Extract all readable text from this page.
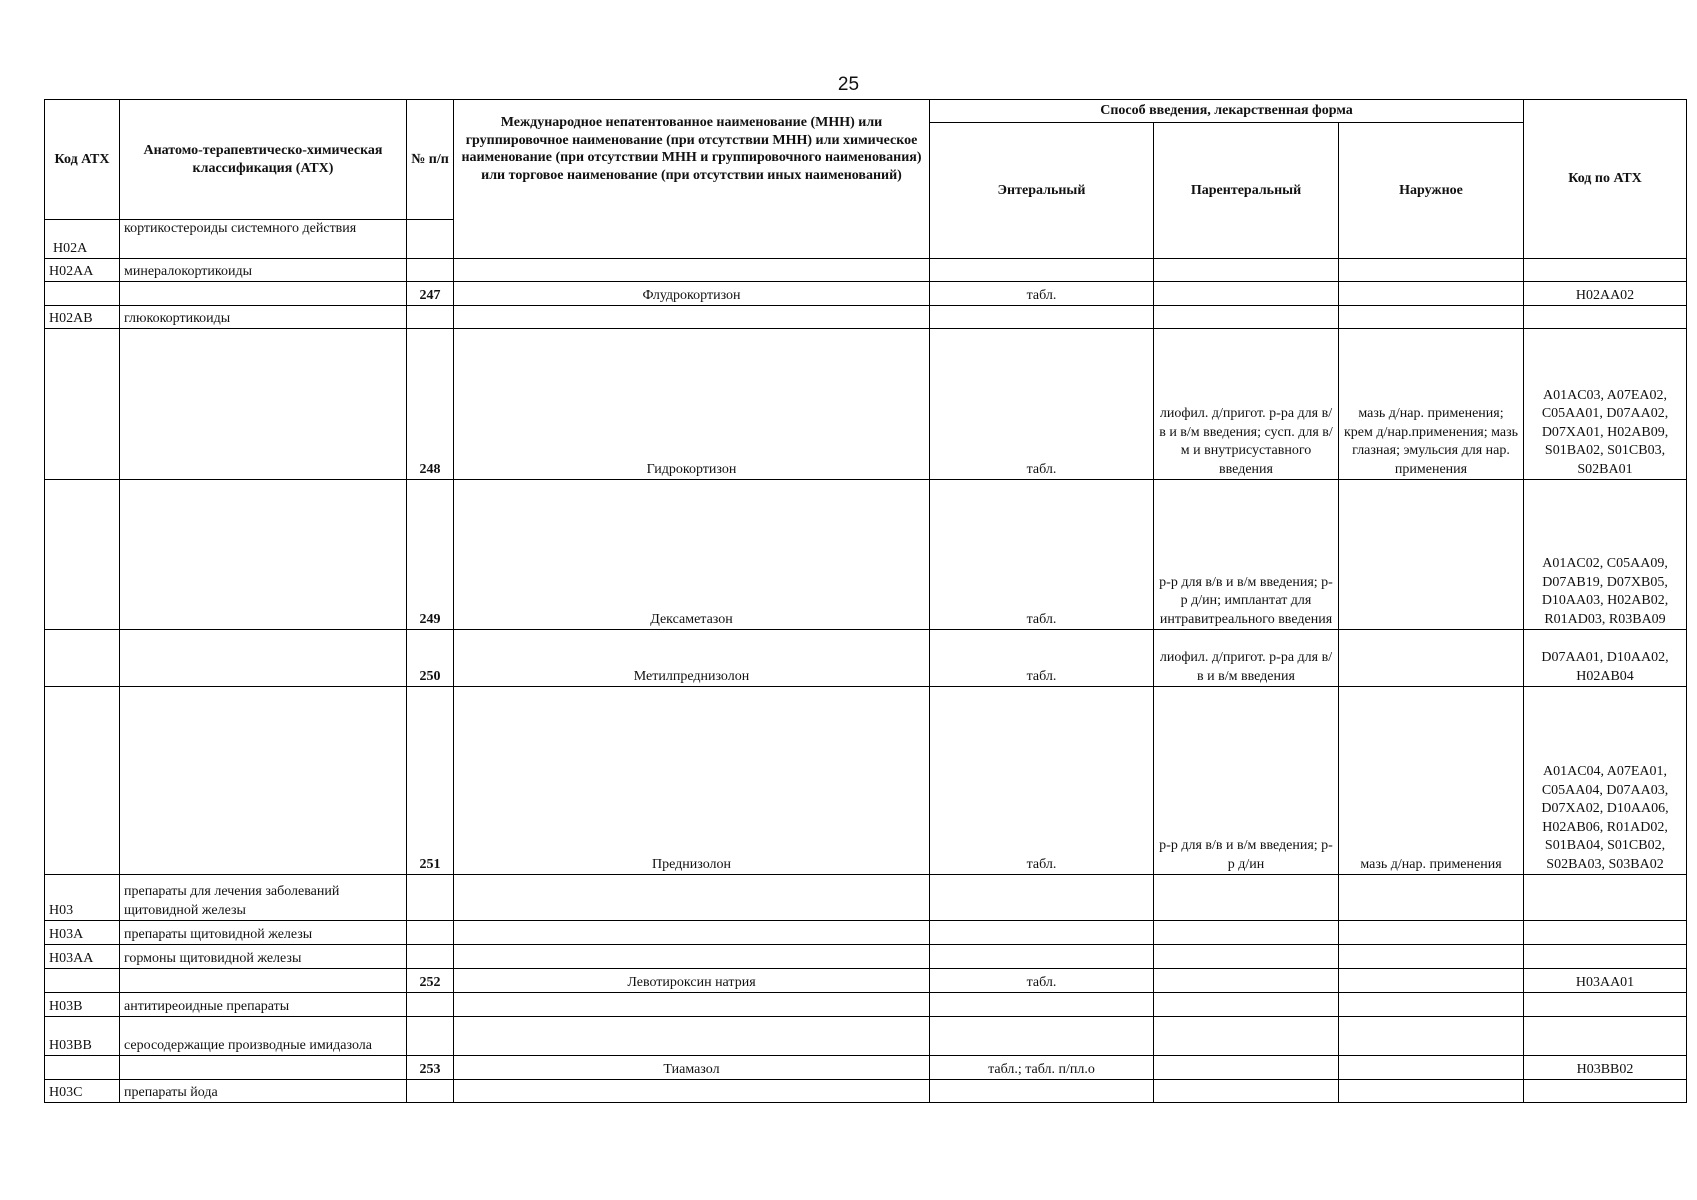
25
Код АТХ	Анатомо-терапевтическо-химическая классификация (АТХ)	№ п/п	Международное непатентованное наименование (МНН) или группировочное наименование (при отсутствии МНН) или химическое наименование (при отсутствии МНН и группировочного наименования) или торговое наименование (при отсутствии иных наименований)	Способ введения, лекарственная форма			Код по АТХ
				Энтеральный	Парентеральный	Наружное	
H02A	кортикостероиды системного действия						
H02AA	минералокортикоиды						
		247	Флудрокортизон	табл.			H02AA02
H02AB	глюкокортикоиды						
		248	Гидрокортизон	табл.	лиофил. д/пригот. р-ра для в/в и в/м введения; сусп. для в/м и внутрисуставного введения	мазь д/нар. применения; крем д/нар.применения; мазь глазная; эмульсия для нар. применения	A01AC03, A07EA02, C05AA01, D07AA02, D07XA01, H02AB09, S01BA02, S01CB03, S02BA01
		249	Дексаметазон	табл.	р-р для в/в и в/м введения; р-р д/ин; имплантат для интравитреального введения		A01AC02, C05AA09, D07AB19, D07XB05, D10AA03, H02AB02, R01AD03, R03BA09
		250	Метилпреднизолон	табл.	лиофил. д/пригот. р-ра для в/в и в/м введения		D07AA01, D10AA02, H02AB04
		251	Преднизолон	табл.	р-р для в/в и в/м введения; р-р д/ин	мазь д/нар. применения	A01AC04, A07EA01, C05AA04, D07AA03, D07XA02, D10AA06, H02AB06, R01AD02, S01BA04, S01CB02, S02BA03, S03BA02
H03	препараты для лечения заболеваний щитовидной железы						
H03A	препараты щитовидной железы						
H03AA	гормоны щитовидной железы						
		252	Левотироксин натрия	табл.			H03AA01
H03B	антитиреоидные препараты						
H03BB	серосодержащие производные имидазола						
		253	Тиамазол	табл.; табл. п/пл.о			H03BB02
H03C	препараты йода						
